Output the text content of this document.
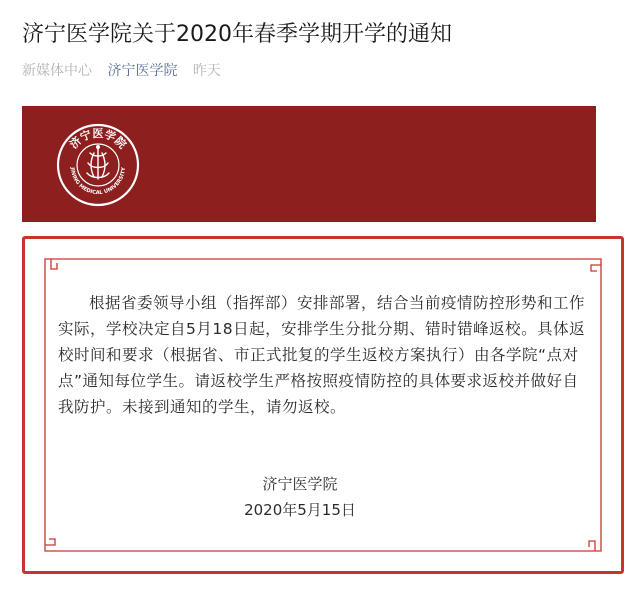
济宁医学院关于2020年春季学期开学的通知
新媒体中心 济宁医学院 昨天
济宁医学院
JINING MEDICAL UNIVERSITY
根据省委领导小组（指挥部）安排部署，结合当前疫情防控形势和工作实际，学校决定自5月18日起，安排学生分批分期、错时错峰返校。具体返校时间和要求（根据省、市正式批复的学生返校方案执行）由各学院“点对点”通知每位学生。请返校学生严格按照疫情防控的具体要求返校并做好自我防护。未接到通知的学生，请勿返校。
济宁医学院
2020年5月15日
